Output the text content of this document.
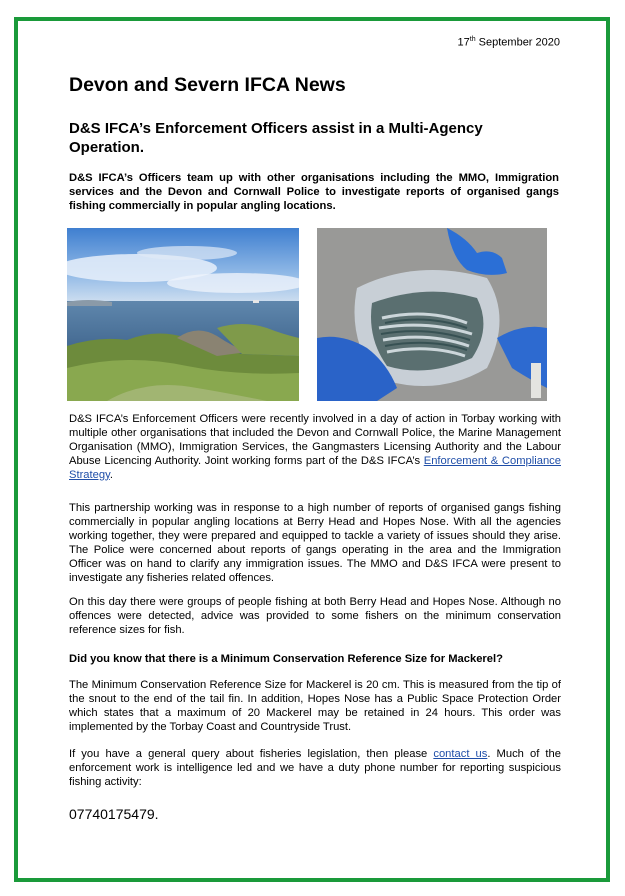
17th September 2020
Devon and Severn IFCA News
D&S IFCA’s Enforcement Officers assist in a Multi-Agency Operation.
D&S IFCA’s Officers team up with other organisations including the MMO, Immigration services and the Devon and Cornwall Police to investigate reports of organised gangs fishing commercially in popular angling locations.

D&S IFCA’s Enforcement Officers were recently involved in a day of action in Torbay working with multiple other organisations that included the Devon and Cornwall Police, the Marine Management Organisation (MMO), Immigration Services, the Gangmasters Licensing Authority and the Labour Abuse Licencing Authority. Joint working forms part of the D&S IFCA’s Enforcement & Compliance Strategy.

This partnership working was in response to a high number of reports of organised gangs fishing commercially in popular angling locations at Berry Head and Hopes Nose. With all the agencies working together, they were prepared and equipped to tackle a variety of issues should they arise. The Police were concerned about reports of gangs operating in the area and the Immigration Officer was on hand to clarify any immigration issues. The MMO and D&S IFCA were present to investigate any fisheries related offences.

On this day there were groups of people fishing at both Berry Head and Hopes Nose. Although no offences were detected, advice was provided to some fishers on the minimum conservation reference sizes for fish.

Did you know that there is a Minimum Conservation Reference Size for Mackerel?

The Minimum Conservation Reference Size for Mackerel is 20 cm. This is measured from the tip of the snout to the end of the tail fin. In addition, Hopes Nose has a Public Space Protection Order which states that a maximum of 20 Mackerel may be retained in 24 hours. This order was implemented by the Torbay Coast and Countryside Trust.

If you have a general query about fisheries legislation, then please contact us. Much of the enforcement work is intelligence led and we have a duty phone number for reporting suspicious fishing activity:

07740175479.
